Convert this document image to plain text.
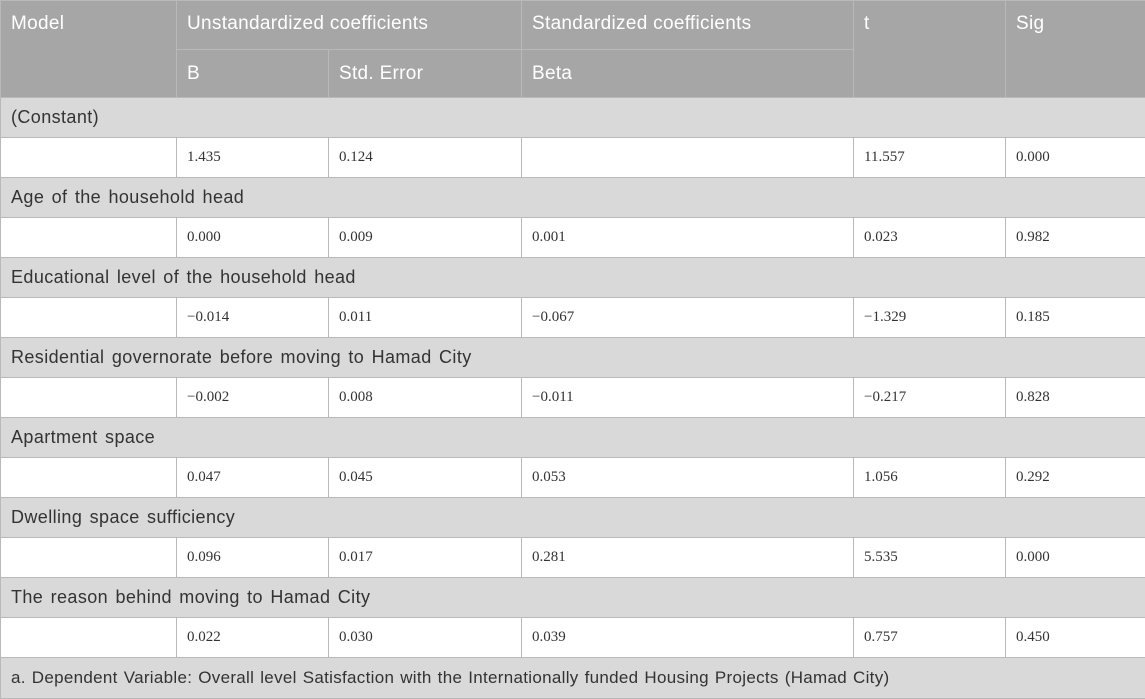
Model	Unstandardized coefficients		Standardized coefficients	t	Sig
	B	Std. Error	Beta		
(Constant)					
	1.435	0.124		11.557	0.000
Age of the household head					
	0.000	0.009	0.001	0.023	0.982
Educational level of the household head					
	−0.014	0.011	−0.067	−1.329	0.185
Residential governorate before moving to Hamad City					
	−0.002	0.008	−0.011	−0.217	0.828
Apartment space					
	0.047	0.045	0.053	1.056	0.292
Dwelling space sufficiency					
	0.096	0.017	0.281	5.535	0.000
The reason behind moving to Hamad City					
	0.022	0.030	0.039	0.757	0.450
a. Dependent Variable: Overall level Satisfaction with the Internationally funded Housing Projects (Hamad City)					
